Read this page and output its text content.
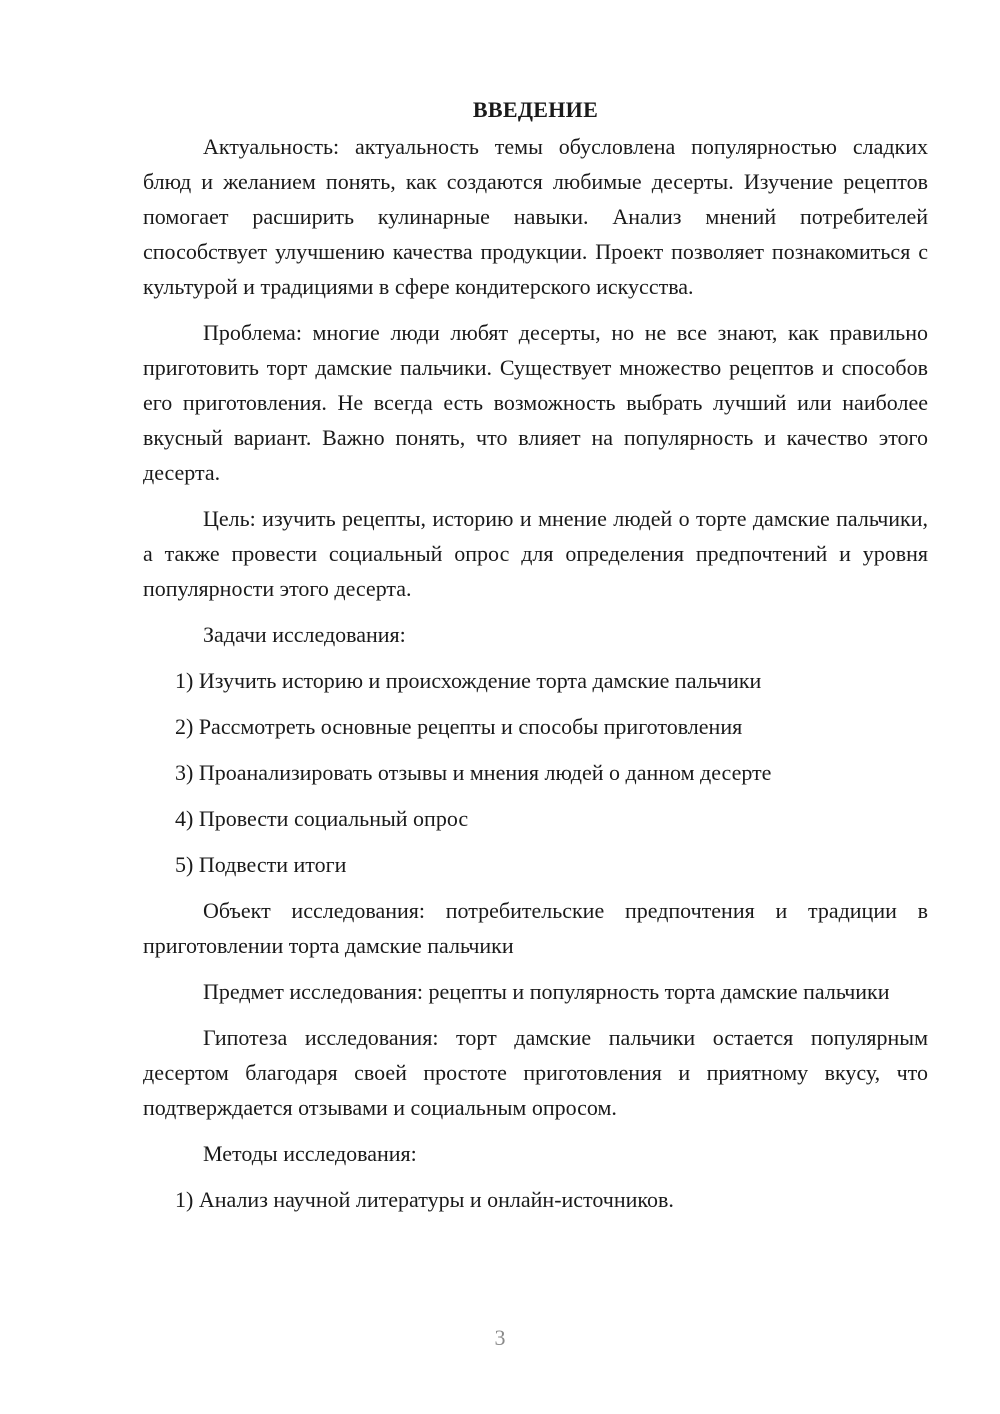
ВВЕДЕНИЕ

Актуальность: актуальность темы обусловлена популярностью сладких блюд и желанием понять, как создаются любимые десерты. Изучение рецептов помогает расширить кулинарные навыки. Анализ мнений потребителей способствует улучшению качества продукции. Проект позволяет познакомиться с культурой и традициями в сфере кондитерского искусства.

Проблема: многие люди любят десерты, но не все знают, как правильно приготовить торт дамские пальчики. Существует множество рецептов и способов его приготовления. Не всегда есть возможность выбрать лучший или наиболее вкусный вариант. Важно понять, что влияет на популярность и качество этого десерта.

Цель: изучить рецепты, историю и мнение людей о торте дамские пальчики, а также провести социальный опрос для определения предпочтений и уровня популярности этого десерта.

Задачи исследования:

1) Изучить историю и происхождение торта дамские пальчики
2) Рассмотреть основные рецепты и способы приготовления
3) Проанализировать отзывы и мнения людей о данном десерте
4) Провести социальный опрос
5) Подвести итоги

Объект исследования: потребительские предпочтения и традиции в приготовлении торта дамские пальчики

Предмет исследования: рецепты и популярность торта дамские пальчики

Гипотеза исследования: торт дамские пальчики остается популярным десертом благодаря своей простоте приготовления и приятному вкусу, что подтверждается отзывами и социальным опросом.

Методы исследования:

1) Анализ научной литературы и онлайн-источников.
3
